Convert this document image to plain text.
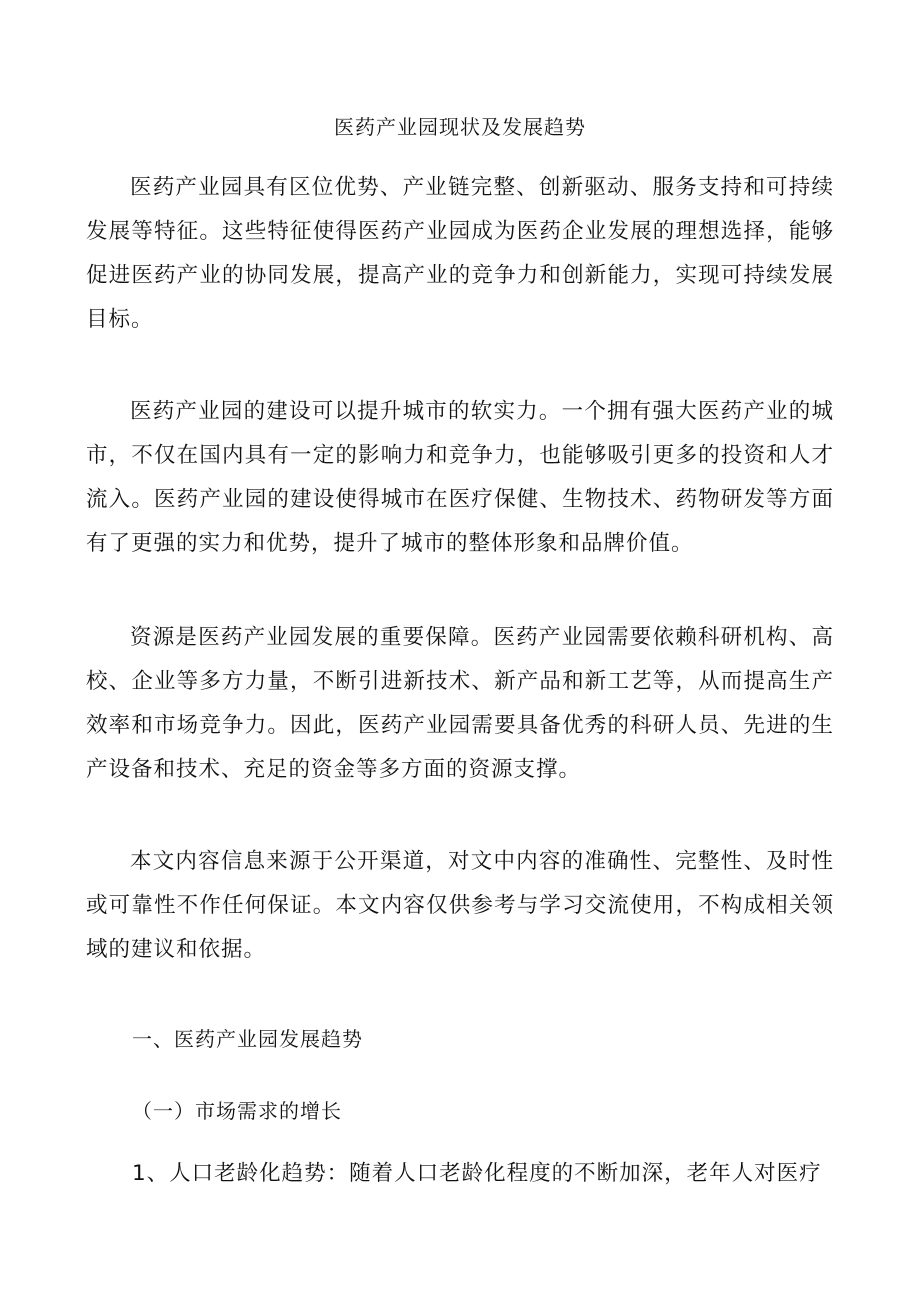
医药产业园现状及发展趋势

医药产业园具有区位优势、产业链完整、创新驱动、服务支持和可持续发展等特征。这些特征使得医药产业园成为医药企业发展的理想选择，能够促进医药产业的协同发展，提高产业的竞争力和创新能力，实现可持续发展目标。

医药产业园的建设可以提升城市的软实力。一个拥有强大医药产业的城市，不仅在国内具有一定的影响力和竞争力，也能够吸引更多的投资和人才流入。医药产业园的建设使得城市在医疗保健、生物技术、药物研发等方面有了更强的实力和优势，提升了城市的整体形象和品牌价值。

资源是医药产业园发展的重要保障。医药产业园需要依赖科研机构、高校、企业等多方力量，不断引进新技术、新产品和新工艺等，从而提高生产效率和市场竞争力。因此，医药产业园需要具备优秀的科研人员、先进的生产设备和技术、充足的资金等多方面的资源支撑。

本文内容信息来源于公开渠道，对文中内容的准确性、完整性、及时性或可靠性不作任何保证。本文内容仅供参考与学习交流使用，不构成相关领域的建议和依据。

一、医药产业园发展趋势
（一）市场需求的增长

1、人口老龄化趋势：随着人口老龄化程度的不断加深，老年人对医疗
